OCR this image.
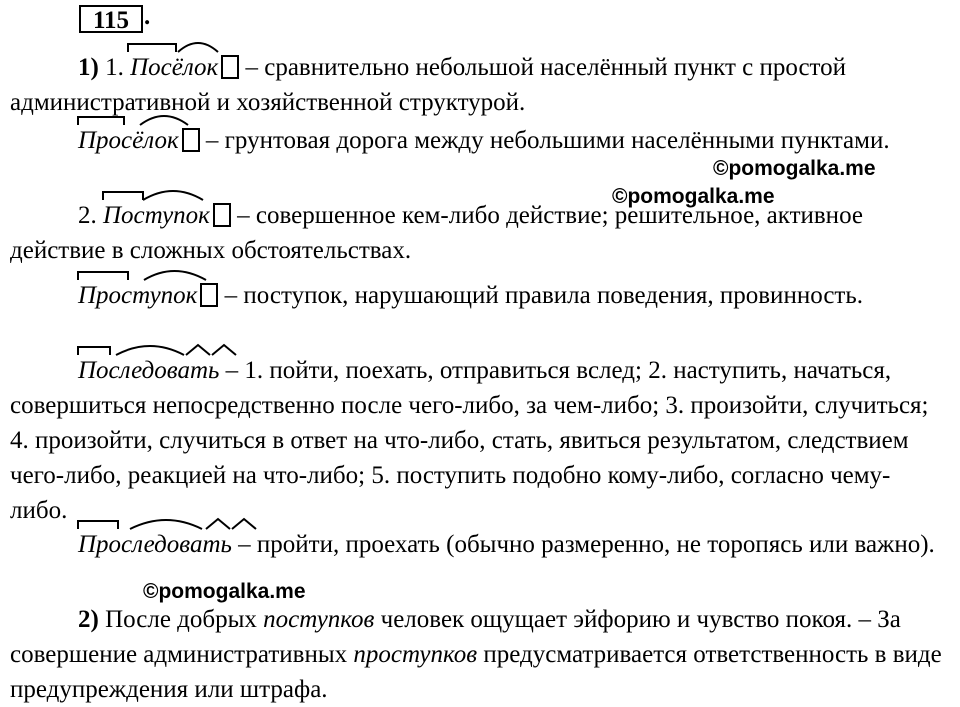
115 .

1) 1. Посёлок – сравнительно небольшой населённый пункт с простой административной и хозяйственной структурой.

Просёлок – грунтовая дорога между небольшими населёнными пунктами.

2. Поступок – совершенное кем-либо действие; решительное, активное действие в сложных обстоятельствах.

Проступок – поступок, нарушающий правила поведения, провинность.

Последовать – 1. пойти, поехать, отправиться вслед; 2. наступить, начаться, совершиться непосредственно после чего-либо, за чем-либо; 3. произойти, случиться; 4. произойти, случиться в ответ на что-либо, стать, явиться результатом, следствием чего-либо, реакцией на что-либо; 5. поступить подобно кому-либо, согласно чему-либо.

Проследовать – пройти, проехать (обычно размеренно, не торопясь или важно).

2) После добрых поступков человек ощущает эйфорию и чувство покоя. – За совершение административных проступков предусматривается ответственность в виде предупреждения или штрафа.

©pomogalka.me
©pomogalka.me
©pomogalka.me
